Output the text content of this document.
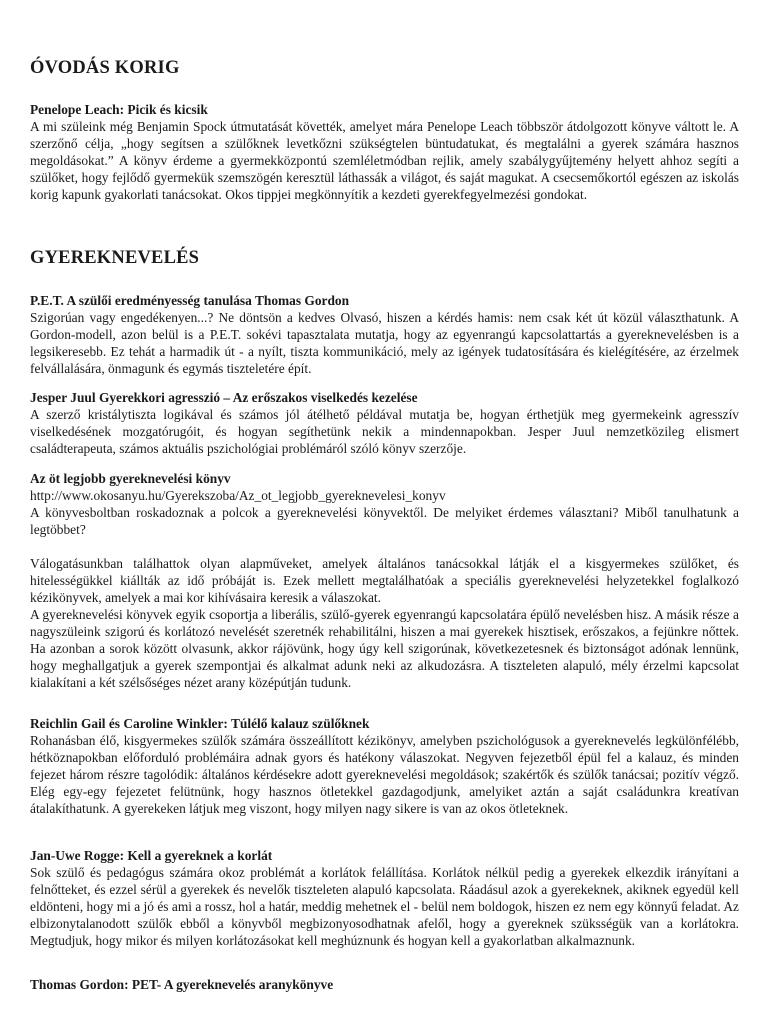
ÓVODÁS KORIG

Penelope Leach: Picik és kicsik

A mi szüleink még Benjamin Spock útmutatását követték, amelyet mára Penelope Leach többször átdolgozott könyve váltott le. A szerzőnő célja, „hogy segítsen a szülőknek levetkőzni szükségtelen büntudatukat, és megtalálni a gyerek számára hasznos megoldásokat.” A könyv érdeme a gyermekközpontú szemléletmódban rejlik, amely szabálygyűjtemény helyett ahhoz segíti a szülőket, hogy fejlődő gyermekük szemszögén keresztül láthassák a világot, és saját magukat. A csecsemőkortól egészen az iskolás korig kapunk gyakorlati tanácsokat. Okos tippjei megkönnyítik a kezdeti gyerekfegyelmezési gondokat.

GYEREKNEVELÉS

P.E.T. A szülői eredményesség tanulása Thomas Gordon

Szigorúan vagy engedékenyen...? Ne döntsön a kedves Olvasó, hiszen a kérdés hamis: nem csak két út közül választhatunk. A Gordon-modell, azon belül is a P.E.T. sokévi tapasztalata mutatja, hogy az egyenrangú kapcsolattartás a gyereknevelésben is a legsikeresebb. Ez tehát a harmadik út - a nyílt, tiszta kommunikáció, mely az igények tudatosítására és kielégítésére, az érzelmek felvállalására, önmagunk és egymás tiszteletére épít.

Jesper Juul Gyerekkori agresszió – Az erőszakos viselkedés kezelése

A szerző kristálytiszta logikával és számos jól átélhető példával mutatja be, hogyan érthetjük meg gyermekeink agresszív viselkedésének mozgatórugóit, és hogyan segíthetünk nekik a mindennapokban. Jesper Juul nemzetközileg elismert családterapeuta, számos aktuális pszichológiai problémáról szóló könyv szerzője.

Az öt legjobb gyereknevelési könyv

http://www.okosanyu.hu/Gyerekszoba/Az_ot_legjobb_gyereknevelesi_konyv

A könyvesboltban roskadoznak a polcok a gyereknevelési könyvektől. De melyiket érdemes választani? Miből tanulhatunk a legtöbbet?

Válogatásunkban találhattok olyan alapműveket, amelyek általános tanácsokkal látják el a kisgyermekes szülőket, és hitelességükkel kiállták az idő próbáját is. Ezek mellett megtalálhatóak a speciális gyereknevelési helyzetekkel foglalkozó kézikönyvek, amelyek a mai kor kihívásaira keresik a válaszokat.

A gyereknevelési könyvek egyik csoportja a liberális, szülő-gyerek egyenrangú kapcsolatára épülő nevelésben hisz. A másik része a nagyszüleink szigorú és korlátozó nevelését szeretnék rehabilitálni, hiszen a mai gyerekek hisztisek, erőszakos, a fejünkre nőttek. Ha azonban a sorok között olvasunk, akkor rájövünk, hogy úgy kell szigorúnak, következetesnek és biztonságot adónak lennünk, hogy meghallgatjuk a gyerek szempontjai és alkalmat adunk neki az alkudozásra. A tiszteleten alapuló, mély érzelmi kapcsolat kialakítani a két szélsőséges nézet arany középútján tudunk.

Reichlin Gail és Caroline Winkler: Túlélő kalauz szülőknek

Rohanásban élő, kisgyermekes szülők számára összeállított kézikönyv, amelyben pszichológusok a gyereknevelés legkülönfélébb, hétköznapokban előforduló problémáira adnak gyors és hatékony válaszokat. Negyven fejezetből épül fel a kalauz, és minden fejezet három részre tagolódik: általános kérdésekre adott gyereknevelési megoldások; szakértők és szülők tanácsai; pozitív végző. Elég egy-egy fejezetet felütnünk, hogy hasznos ötletekkel gazdagodjunk, amelyiket aztán a saját családunkra kreatívan átalakíthatunk. A gyerekeken látjuk meg viszont, hogy milyen nagy sikere is van az okos ötleteknek.

Jan-Uwe Rogge: Kell a gyereknek a korlát

Sok szülő és pedagógus számára okoz problémát a korlátok felállítása. Korlátok nélkül pedig a gyerekek elkezdik irányítani a felnőtteket, és ezzel sérül a gyerekek és nevelők tiszteleten alapuló kapcsolata. Ráadásul azok a gyerekeknek, akiknek egyedül kell eldönteni, hogy mi a jó és ami a rossz, hol a határ, meddig mehetnek el - belül nem boldogok, hiszen ez nem egy könnyű feladat. Az elbizonytalanodott szülők ebből a könyvből megbizonyosodhatnak afelől, hogy a gyereknek szüksségük van a korlátokra. Megtudjuk, hogy mikor és milyen korlátozásokat kell meghúznunk és hogyan kell a gyakorlatban alkalmaznunk.

Thomas Gordon: PET- A gyereknevelés aranykönyve
